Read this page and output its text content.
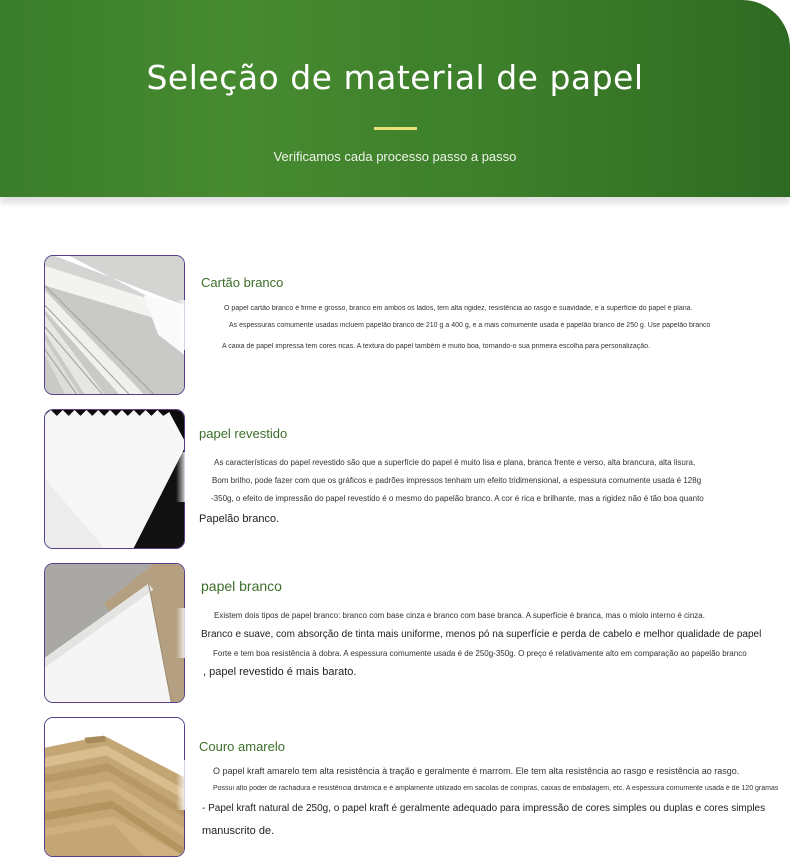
Seleção de material de papel
Verificamos cada processo passo a passo
Cartão branco
O papel cartão branco é firme e grosso, branco em ambos os lados, tem alta rigidez, resistência ao rasgo e suavidade, e a superfície do papel é plana.
As espessuras comumente usadas incluem papelão branco de 210 g a 400 g, e a mais comumente usada é papelão branco de 250 g. Use papelão branco
A caixa de papel impressa tem cores ricas. A textura do papel também é muito boa, tornando-o sua primeira escolha para personalização.
papel revestido
As características do papel revestido são que a superfície do papel é muito lisa e plana, branca frente e verso, alta brancura, alta lisura,
Bom brilho, pode fazer com que os gráficos e padrões impressos tenham um efeito tridimensional, a espessura comumente usada é 128g
-350g, o efeito de impressão do papel revestido é o mesmo do papelão branco. A cor é rica e brilhante, mas a rigidez não é tão boa quanto
Papelão branco.
papel branco
Existem dois tipos de papel branco: branco com base cinza e branco com base branca. A superfície é branca, mas o miolo interno é cinza.
Branco e suave, com absorção de tinta mais uniforme, menos pó na superfície e perda de cabelo e melhor qualidade de papel
Forte e tem boa resistência à dobra. A espessura comumente usada é de 250g-350g. O preço é relativamente alto em comparação ao papelão branco
, papel revestido é mais barato.
Couro amarelo
O papel kraft amarelo tem alta resistência à tração e geralmente é marrom. Ele tem alta resistência ao rasgo e resistência ao rasgo.
Possui alto poder de rachadura e resistência dinâmica e é amplamente utilizado em sacolas de compras, caixas de embalagem, etc. A espessura comumente usada é de 120 gramas
- Papel kraft natural de 250g, o papel kraft é geralmente adequado para impressão de cores simples ou duplas e cores simples
manuscrito de.
